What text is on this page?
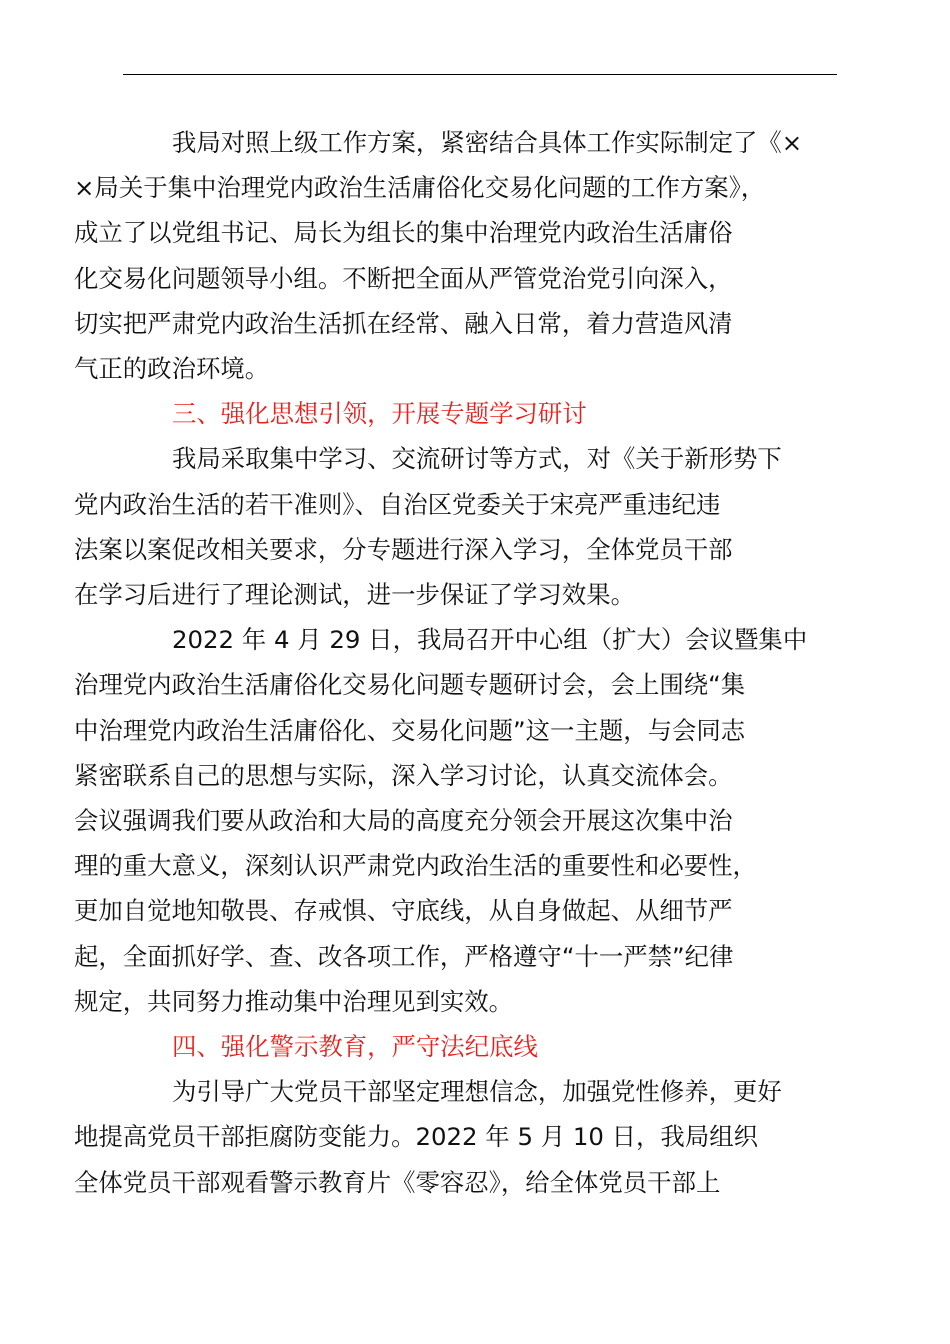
我局对照上级工作方案，紧密结合具体工作实际制定了《×
×局关于集中治理党内政治生活庸俗化交易化问题的工作方案》，
成立了以党组书记、局长为组长的集中治理党内政治生活庸俗
化交易化问题领导小组。不断把全面从严管党治党引向深入，
切实把严肃党内政治生活抓在经常、融入日常，着力营造风清
气正的政治环境。

三、强化思想引领，开展专题学习研讨

我局采取集中学习、交流研讨等方式，对《关于新形势下
党内政治生活的若干准则》、自治区党委关于宋亮严重违纪违
法案以案促改相关要求，分专题进行深入学习，全体党员干部
在学习后进行了理论测试，进一步保证了学习效果。

2022 年 4 月 29 日，我局召开中心组（扩大）会议暨集中
治理党内政治生活庸俗化交易化问题专题研讨会，会上围绕“集
中治理党内政治生活庸俗化、交易化问题”这一主题，与会同志
紧密联系自己的思想与实际，深入学习讨论，认真交流体会。
会议强调我们要从政治和大局的高度充分领会开展这次集中治
理的重大意义，深刻认识严肃党内政治生活的重要性和必要性，
更加自觉地知敬畏、存戒惧、守底线，从自身做起、从细节严
起，全面抓好学、查、改各项工作，严格遵守“十一严禁”纪律
规定，共同努力推动集中治理见到实效。

四、强化警示教育，严守法纪底线

为引导广大党员干部坚定理想信念，加强党性修养，更好
地提高党员干部拒腐防变能力。2022 年 5 月 10 日，我局组织
全体党员干部观看警示教育片《零容忍》，给全体党员干部上
